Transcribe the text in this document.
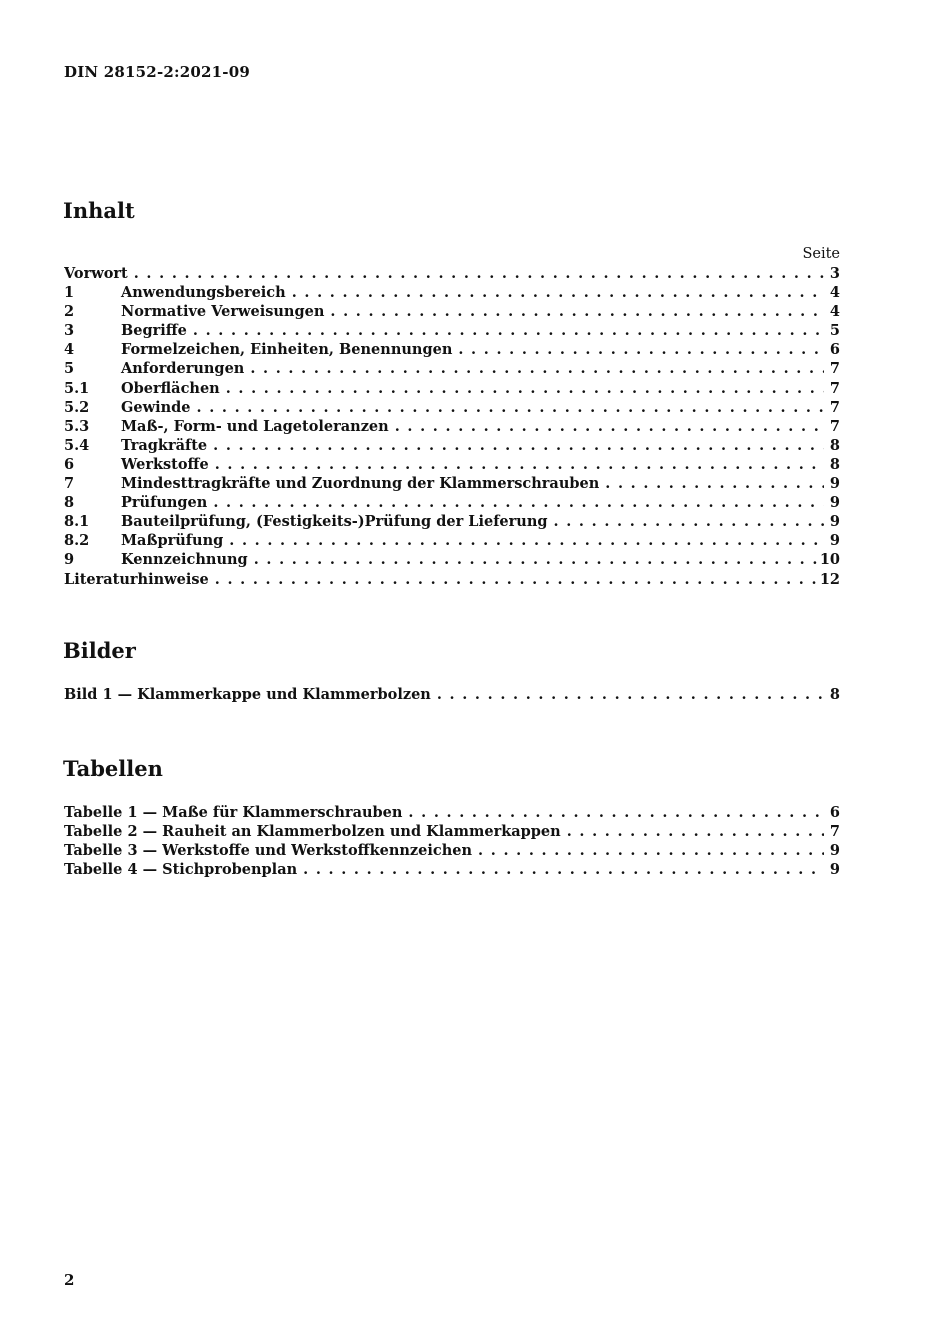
DIN 28152-2:2021-09
Inhalt
Seite
Vorwort . . .	3
1	Anwendungsbereich . . .	4
2	Normative Verweisungen . . .	4
3	Begriffe . . .	5
4	Formelzeichen, Einheiten, Benennungen . . .	6
5	Anforderungen . . .	7
5.1	Oberflächen . . .	7
5.2	Gewinde . . .	7
5.3	Maß-, Form- und Lagetoleranzen . . .	7
5.4	Tragkräfte . . .	8
6	Werkstoffe . . .	8
7	Mindesttragkräfte und Zuordnung der Klammerschrauben . . .	9
8	Prüfungen . . .	9
8.1	Bauteilprüfung, (Festigkeits-)Prüfung der Lieferung . . .	9
8.2	Maßprüfung . . .	9
9	Kennzeichnung . . .	10
Literaturhinweise . . .	12
Bilder
Bild 1 — Klammerkappe und Klammerbolzen . . .	8
Tabellen
Tabelle 1 — Maße für Klammerschrauben . . .	6
Tabelle 2 — Rauheit an Klammerbolzen und Klammerkappen . . .	7
Tabelle 3 — Werkstoffe und Werkstoffkennzeichen . . .	9
Tabelle 4 — Stichprobenplan . . .	9
2
